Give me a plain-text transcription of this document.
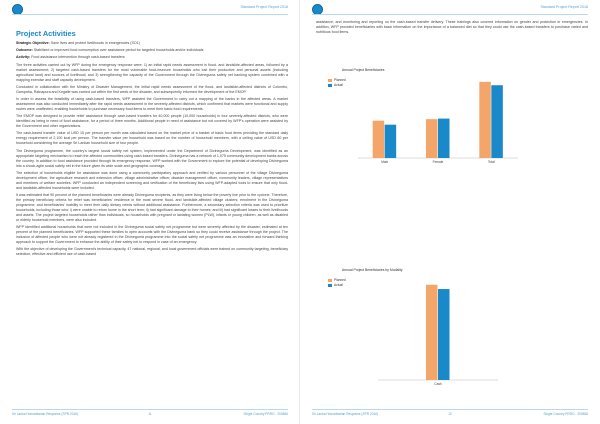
Standard Project Report 2016
Project Activities

Strategic Objective: Save lives and protect livelihoods in emergencies (SO1)

Outcome: Stabilized or improved food consumption over assistance period for targeted households and/or individuals

Activity: Food assistance intervention through cash-based transfers

The three activities carried out by WFP during the emergency response were: 1) an initial rapid needs assessment in flood- and landslide-affected areas, followed by a market assessment; 2) targeted cash-based transfers for the most vulnerable food-insecure households who lost their productive and personal assets (including agricultural land) and sources of livelihood; and 3) strengthening the capacity of the Government through the Divineguma safety net banking system combined with a mapping exercise and staff capacity development.

Conducted in collaboration with the Ministry of Disaster Management, the initial rapid needs assessment of the flood- and landslide-affected districts of Colombo, Gampaha, Ratnapura and Kegalle was carried out within the first week of the disaster, and subsequently informed the development of the EMOP.

In order to assess the feasibility of using cash-based transfers, WFP assisted the Government to carry out a mapping of the banks in the affected areas. A market assessment was also conducted immediately after the rapid needs assessment in the severely-affected districts, which confirmed that markets were functional and supply routes were unaffected, enabling households to purchase necessary food items to meet their basic food requirements.

The EMOP was designed to provide relief assistance through cash-based transfers for 40,000 people (10,000 households) in four severely-affected districts, who were identified as being in need of food assistance, for a period of three months. Additional people in need of assistance but not covered by WFP's operation were assisted by the Government and other organizations.

The cash-based transfer value of USD 15 per person per month was calculated based on the market price of a basket of basic food items providing the standard daily energy requirement of 2,100 kcal per person. The transfer value per household was based on the number of household members, with a ceiling value of USD 60 per household considering the average Sri Lankan household size of four people.

The Divineguma programme, the country's largest social safety net system, implemented under the Department of Divineguma Development, was identified as an appropriate targeting mechanism to reach the affected communities using cash-based transfers. Divineguma has a network of 1,075 community development banks across the country. In addition to food assistance provided through its emergency response, WFP worked with the Government to explore the potential of developing Divineguma into a shock-agile social safety net in the future given its wide scale and geographic coverage.

The selection of households eligible for assistance was done using a community participatory approach and verified by various personnel of the village Divineguma development officer, the agriculture research and extension officer, village administrative officer, disaster management officer, community leaders, village representatives and members of welfare societies. WFP conducted an independent screening and verification of the beneficiary lists using WFP-adapted tools to ensure that only flood- and landslide-affected households were included.

It was estimated that 90 percent of the planned beneficiaries were already Divineguma recipients, as they were living below the poverty line prior to the cyclone. Therefore, the primary beneficiary criteria for relief was beneficiaries' residence in the most severe flood- and landslide-affected village clusters; enrolment in the Divineguma programme; and beneficiaries' inability to meet their daily dietary needs without additional assistance. Furthermore, a secondary selection criteria was used to prioritize households, including those who: i) were unable to return home in the short term; ii) had significant damage to their homes; and iii) had significant losses to their livelihoods and assets. The project targeted households rather than individuals, so households with pregnant or lactating women (PLW), infants or young children, as well as disabled or elderly household members, were also included.

WFP identified additional households that were not included in the Divineguma social safety net programme but were severely affected by the disaster, estimated at ten percent of the planned beneficiaries. WFP supported these families to open accounts with the Divineguma bank so they could receive assistance through the project. The inclusion of affected people who were not already registered in the Divineguma programme into the social safety net programme was an innovative and forward-thinking approach to support the Government to enhance the ability of their safety net to respond in case of an emergency.

With the objective of developing the Government's technical capacity, 47 national, regional, and local government officials were trained on community targeting, beneficiary selection, effective and efficient use of cash-based

Sri Lanka Humanitarian Response (SPR 2016)	11	Single Country PRRO - 200866
Standard Project Report 2016

assistance, and monitoring and reporting on the cash-based transfer delivery. These trainings also covered information on gender and protection in emergencies. In addition, WFP provided beneficiaries with basic information on the importance of a balanced diet so that they could use the cash-based transfers to purchase varied and nutritious food items.

Annual Project Beneficiaries
Planned
Actual
Male	Female	Total
Annual Project Beneficiaries by Modality
Planned
Actual
Cash
Sri Lanka Humanitarian Response (SPR 2016)	12	Single Country PRRO - 200866
